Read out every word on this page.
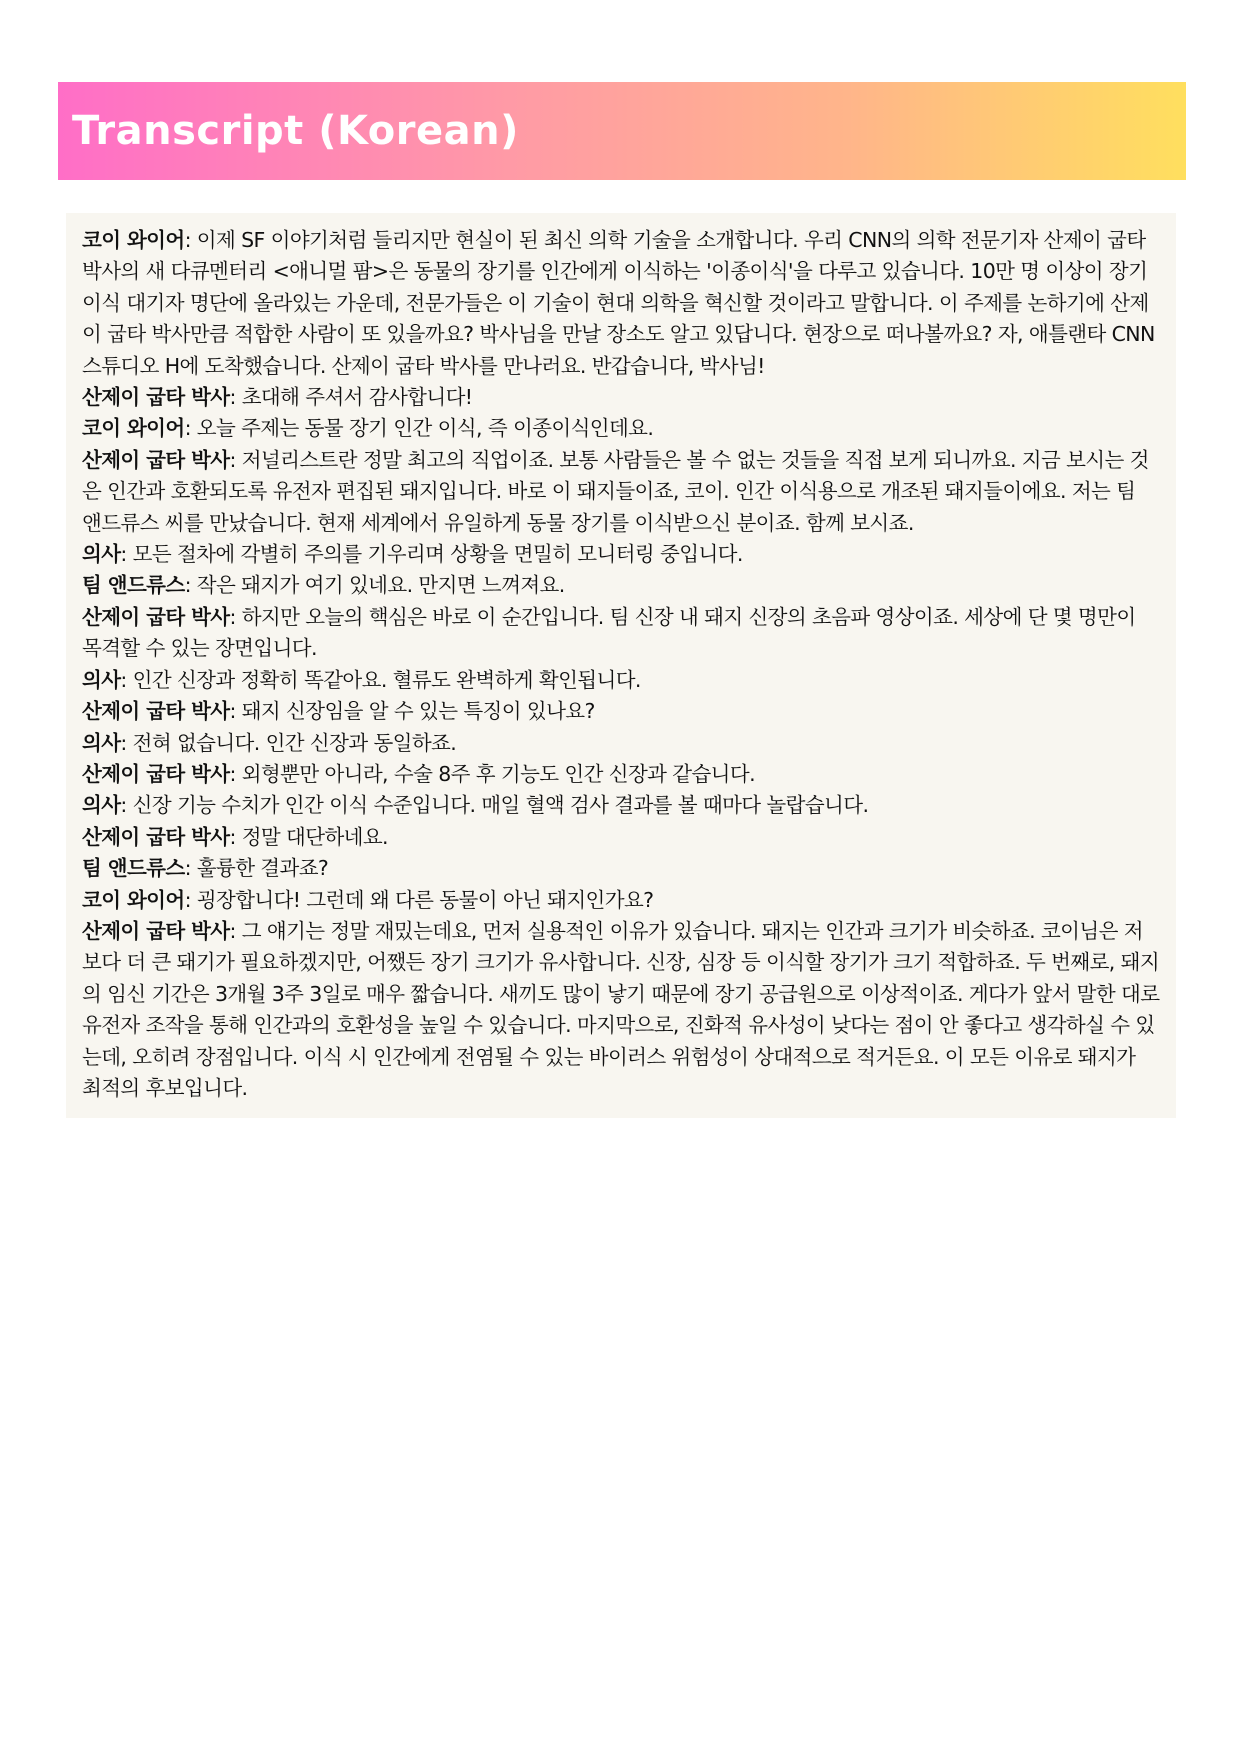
Transcript (Korean)

코이 와이어: 이제 SF 이야기처럼 들리지만 현실이 된 최신 의학 기술을 소개합니다. 우리 CNN의 의학 전문기자 산제이 굽타 박사의 새 다큐멘터리 <애니멀 팜>은 동물의 장기를 인간에게 이식하는 '이종이식'을 다루고 있습니다. 10만 명 이상이 장기 이식 대기자 명단에 올라있는 가운데, 전문가들은 이 기술이 현대 의학을 혁신할 것이라고 말합니다. 이 주제를 논하기에 산제이 굽타 박사만큼 적합한 사람이 또 있을까요? 박사님을 만날 장소도 알고 있답니다. 현장으로 떠나볼까요? 자, 애틀랜타 CNN 스튜디오 H에 도착했습니다. 산제이 굽타 박사를 만나러요. 반갑습니다, 박사님!

산제이 굽타 박사: 초대해 주셔서 감사합니다!

코이 와이어: 오늘 주제는 동물 장기 인간 이식, 즉 이종이식인데요.

산제이 굽타 박사: 저널리스트란 정말 최고의 직업이죠. 보통 사람들은 볼 수 없는 것들을 직접 보게 되니까요. 지금 보시는 것은 인간과 호환되도록 유전자 편집된 돼지입니다. 바로 이 돼지들이죠, 코이. 인간 이식용으로 개조된 돼지들이에요. 저는 팀 앤드류스 씨를 만났습니다. 현재 세계에서 유일하게 동물 장기를 이식받으신 분이죠. 함께 보시죠.

의사: 모든 절차에 각별히 주의를 기우리며 상황을 면밀히 모니터링 중입니다.

팀 앤드류스: 작은 돼지가 여기 있네요. 만지면 느껴져요.

산제이 굽타 박사: 하지만 오늘의 핵심은 바로 이 순간입니다. 팀 신장 내 돼지 신장의 초음파 영상이죠. 세상에 단 몇 명만이 목격할 수 있는 장면입니다.

의사: 인간 신장과 정확히 똑같아요. 혈류도 완벽하게 확인됩니다.

산제이 굽타 박사: 돼지 신장임을 알 수 있는 특징이 있나요?

의사: 전혀 없습니다. 인간 신장과 동일하죠.

산제이 굽타 박사: 외형뿐만 아니라, 수술 8주 후 기능도 인간 신장과 같습니다.

의사: 신장 기능 수치가 인간 이식 수준입니다. 매일 혈액 검사 결과를 볼 때마다 놀랍습니다.

산제이 굽타 박사: 정말 대단하네요.

팀 앤드류스: 훌륭한 결과죠?

코이 와이어: 굉장합니다! 그런데 왜 다른 동물이 아닌 돼지인가요?

산제이 굽타 박사: 그 얘기는 정말 재밌는데요, 먼저 실용적인 이유가 있습니다. 돼지는 인간과 크기가 비슷하죠. 코이님은 저보다 더 큰 돼기가 필요하겠지만, 어쨌든 장기 크기가 유사합니다. 신장, 심장 등 이식할 장기가 크기 적합하죠. 두 번째로, 돼지의 임신 기간은 3개월 3주 3일로 매우 짧습니다. 새끼도 많이 낳기 때문에 장기 공급원으로 이상적이죠. 게다가 앞서 말한 대로 유전자 조작을 통해 인간과의 호환성을 높일 수 있습니다. 마지막으로, 진화적 유사성이 낮다는 점이 안 좋다고 생각하실 수 있는데, 오히려 장점입니다. 이식 시 인간에게 전염될 수 있는 바이러스 위험성이 상대적으로 적거든요. 이 모든 이유로 돼지가 최적의 후보입니다.
